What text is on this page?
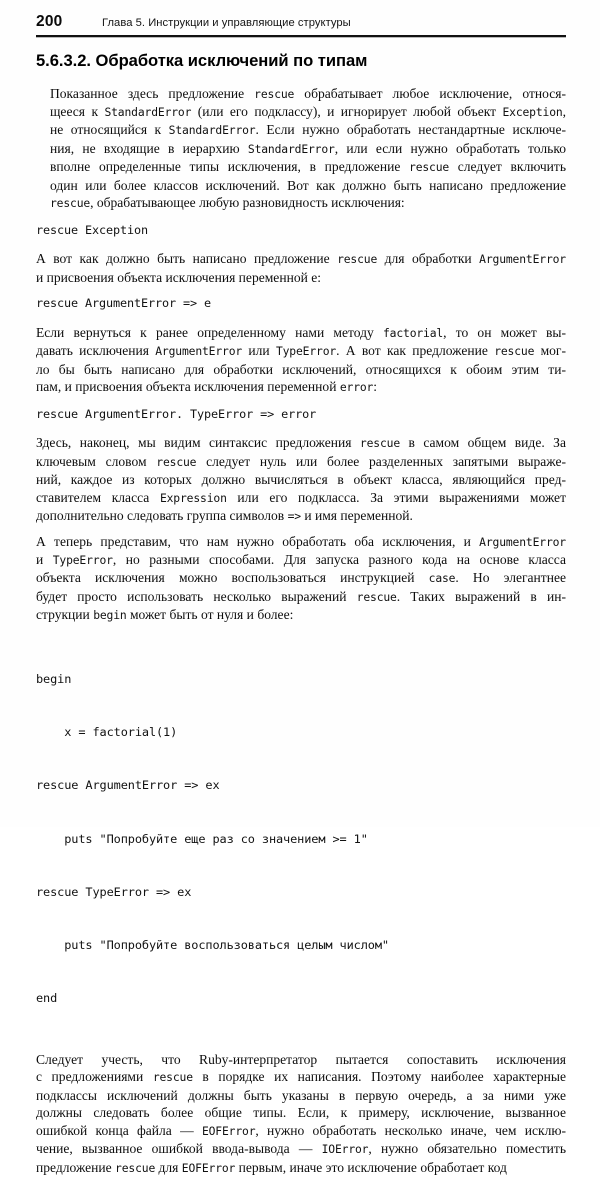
200	Глава 5. Инструкции и управляющие структуры
5.6.3.2. Обработка исключений по типам

Показанное здесь предложение rescue обрабатывает любое исключение, относя-
щееся к StandardError (или его подклассу), и игнорирует любой объект Exception,
не относящийся к StandardError. Если нужно обработать нестандартные исключе-
ния, не входящие в иерархию StandardError, или если нужно обработать только
вполне определенные типы исключения, в предложение rescue следует включить
один или более классов исключений. Вот как должно быть написано предложение
rescue, обрабатывающее любую разновидность исключения:

rescue Exception

А вот как должно быть написано предложение rescue для обработки ArgumentError
и присвоения объекта исключения переменной e:

rescue ArgumentError => e

Если вернуться к ранее определенному нами методу factorial, то он может вы-
давать исключения ArgumentError или TypeError. А вот как предложение rescue мог-
ло бы быть написано для обработки исключений, относящихся к обоим этим ти-
пам, и присвоения объекта исключения переменной error:

rescue ArgumentError. TypeError => error

Здесь, наконец, мы видим синтаксис предложения rescue в самом общем виде. За
ключевым словом rescue следует нуль или более разделенных запятыми выраже-
ний, каждое из которых должно вычисляться в объект класса, являющийся пред-
ставителем класса Expression или его подкласса. За этими выражениями может
дополнительно следовать группа символов => и имя переменной.

А теперь представим, что нам нужно обработать оба исключения, и ArgumentError
и TypeError, но разными способами. Для запуска разного кода на основе класса
объекта исключения можно воспользоваться инструкцией case. Но элегантнее
будет просто использовать несколько выражений rescue. Таких выражений в ин-
струкции begin может быть от нуля и более:

begin

x = factorial(1)

rescue ArgumentError => ex

puts "Попробуйте еще раз со значением >= 1"

rescue TypeError => ex

puts "Попробуйте воспользоваться целым числом"

end

Следует учесть, что Ruby-интерпретатор пытается сопоставить исключения
с предложениями rescue в порядке их написания. Поэтому наиболее характерные
подклассы исключений должны быть указаны в первую очередь, а за ними уже
должны следовать более общие типы. Если, к примеру, исключение, вызванное
ошибкой конца файла — EOFError, нужно обработать несколько иначе, чем исклю-
чение, вызванное ошибкой ввода-вывода — IOError, нужно обязательно поместить
предложение rescue для EOFError первым, иначе это исключение обработает код
